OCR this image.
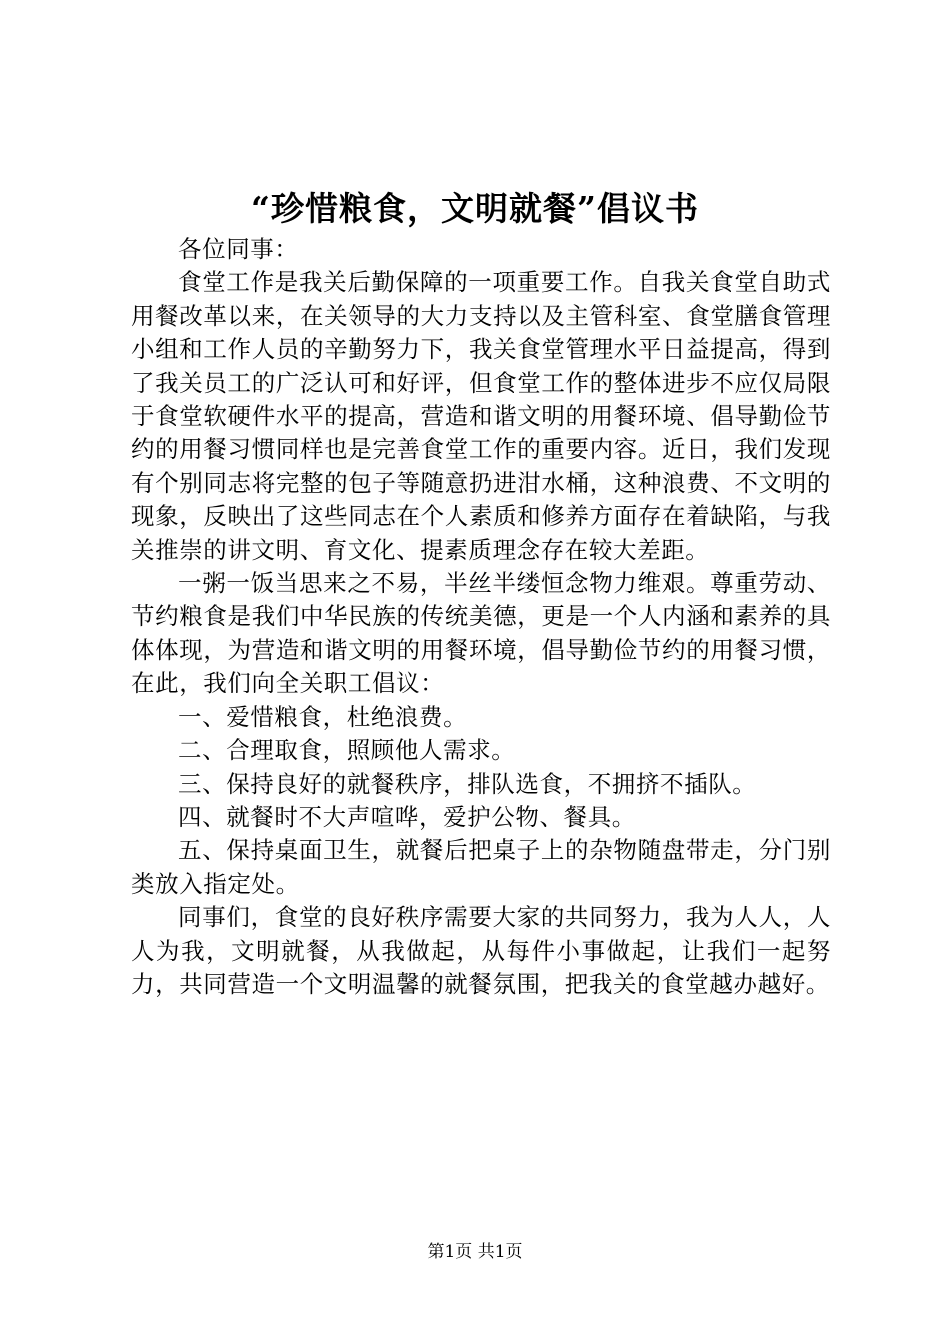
“珍惜粮食，文明就餐”倡议书

各位同事：

食堂工作是我关后勤保障的一项重要工作。自我关食堂自助式用餐改革以来，在关领导的大力支持以及主管科室、食堂膳食管理小组和工作人员的辛勤努力下，我关食堂管理水平日益提高，得到了我关员工的广泛认可和好评，但食堂工作的整体进步不应仅局限于食堂软硬件水平的提高，营造和谐文明的用餐环境、倡导勤俭节约的用餐习惯同样也是完善食堂工作的重要内容。近日，我们发现有个别同志将完整的包子等随意扔进泔水桶，这种浪费、不文明的现象，反映出了这些同志在个人素质和修养方面存在着缺陷，与我关推崇的讲文明、育文化、提素质理念存在较大差距。

一粥一饭当思来之不易，半丝半缕恒念物力维艰。尊重劳动、节约粮食是我们中华民族的传统美德，更是一个人内涵和素养的具体体现，为营造和谐文明的用餐环境，倡导勤俭节约的用餐习惯，在此，我们向全关职工倡议：

一、爱惜粮食，杜绝浪费。

二、合理取食，照顾他人需求。

三、保持良好的就餐秩序，排队选食，不拥挤不插队。

四、就餐时不大声喧哗，爱护公物、餐具。

五、保持桌面卫生，就餐后把桌子上的杂物随盘带走，分门别类放入指定处。

同事们，食堂的良好秩序需要大家的共同努力，我为人人，人人为我，文明就餐，从我做起，从每件小事做起，让我们一起努力，共同营造一个文明温馨的就餐氛围，把我关的食堂越办越好。

第1页 共1页
